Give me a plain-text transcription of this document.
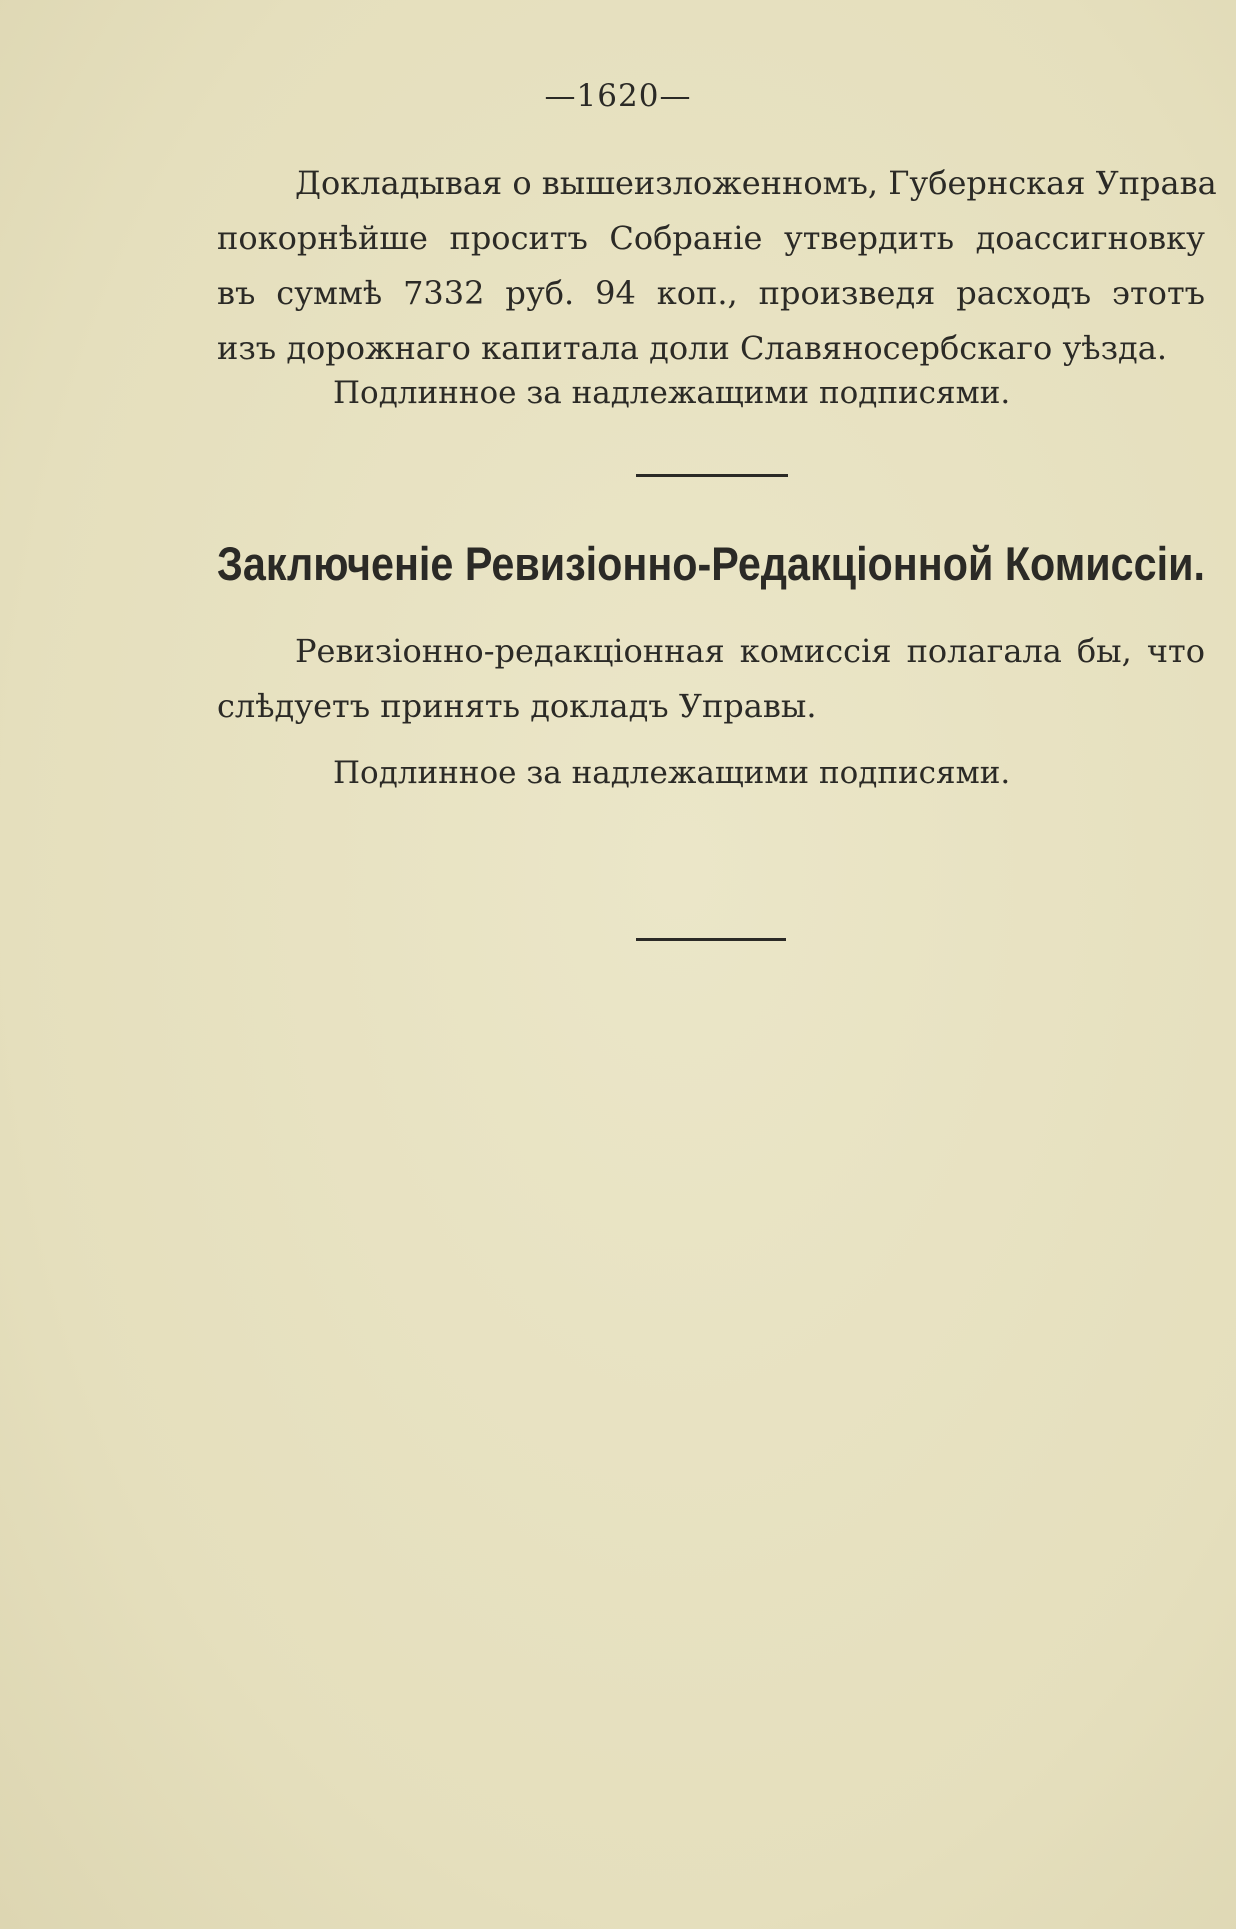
—1620—
Докладывая о вышеизложенномъ, Губернская Управа
покорнѣйше проситъ Собраніе утвердить доассигновку
въ суммѣ 7332 руб. 94 коп., произведя расходъ этотъ
изъ дорожнаго капитала доли Славяносербскаго уѣзда.
Подлинное за надлежащими подписями.
Заключеніе Ревизіонно-Редакціонной Комиссіи.
Ревизіонно-редакціонная комиссія полагала бы, что
слѣдуетъ принять докладъ Управы.
Подлинное за надлежащими подписями.
